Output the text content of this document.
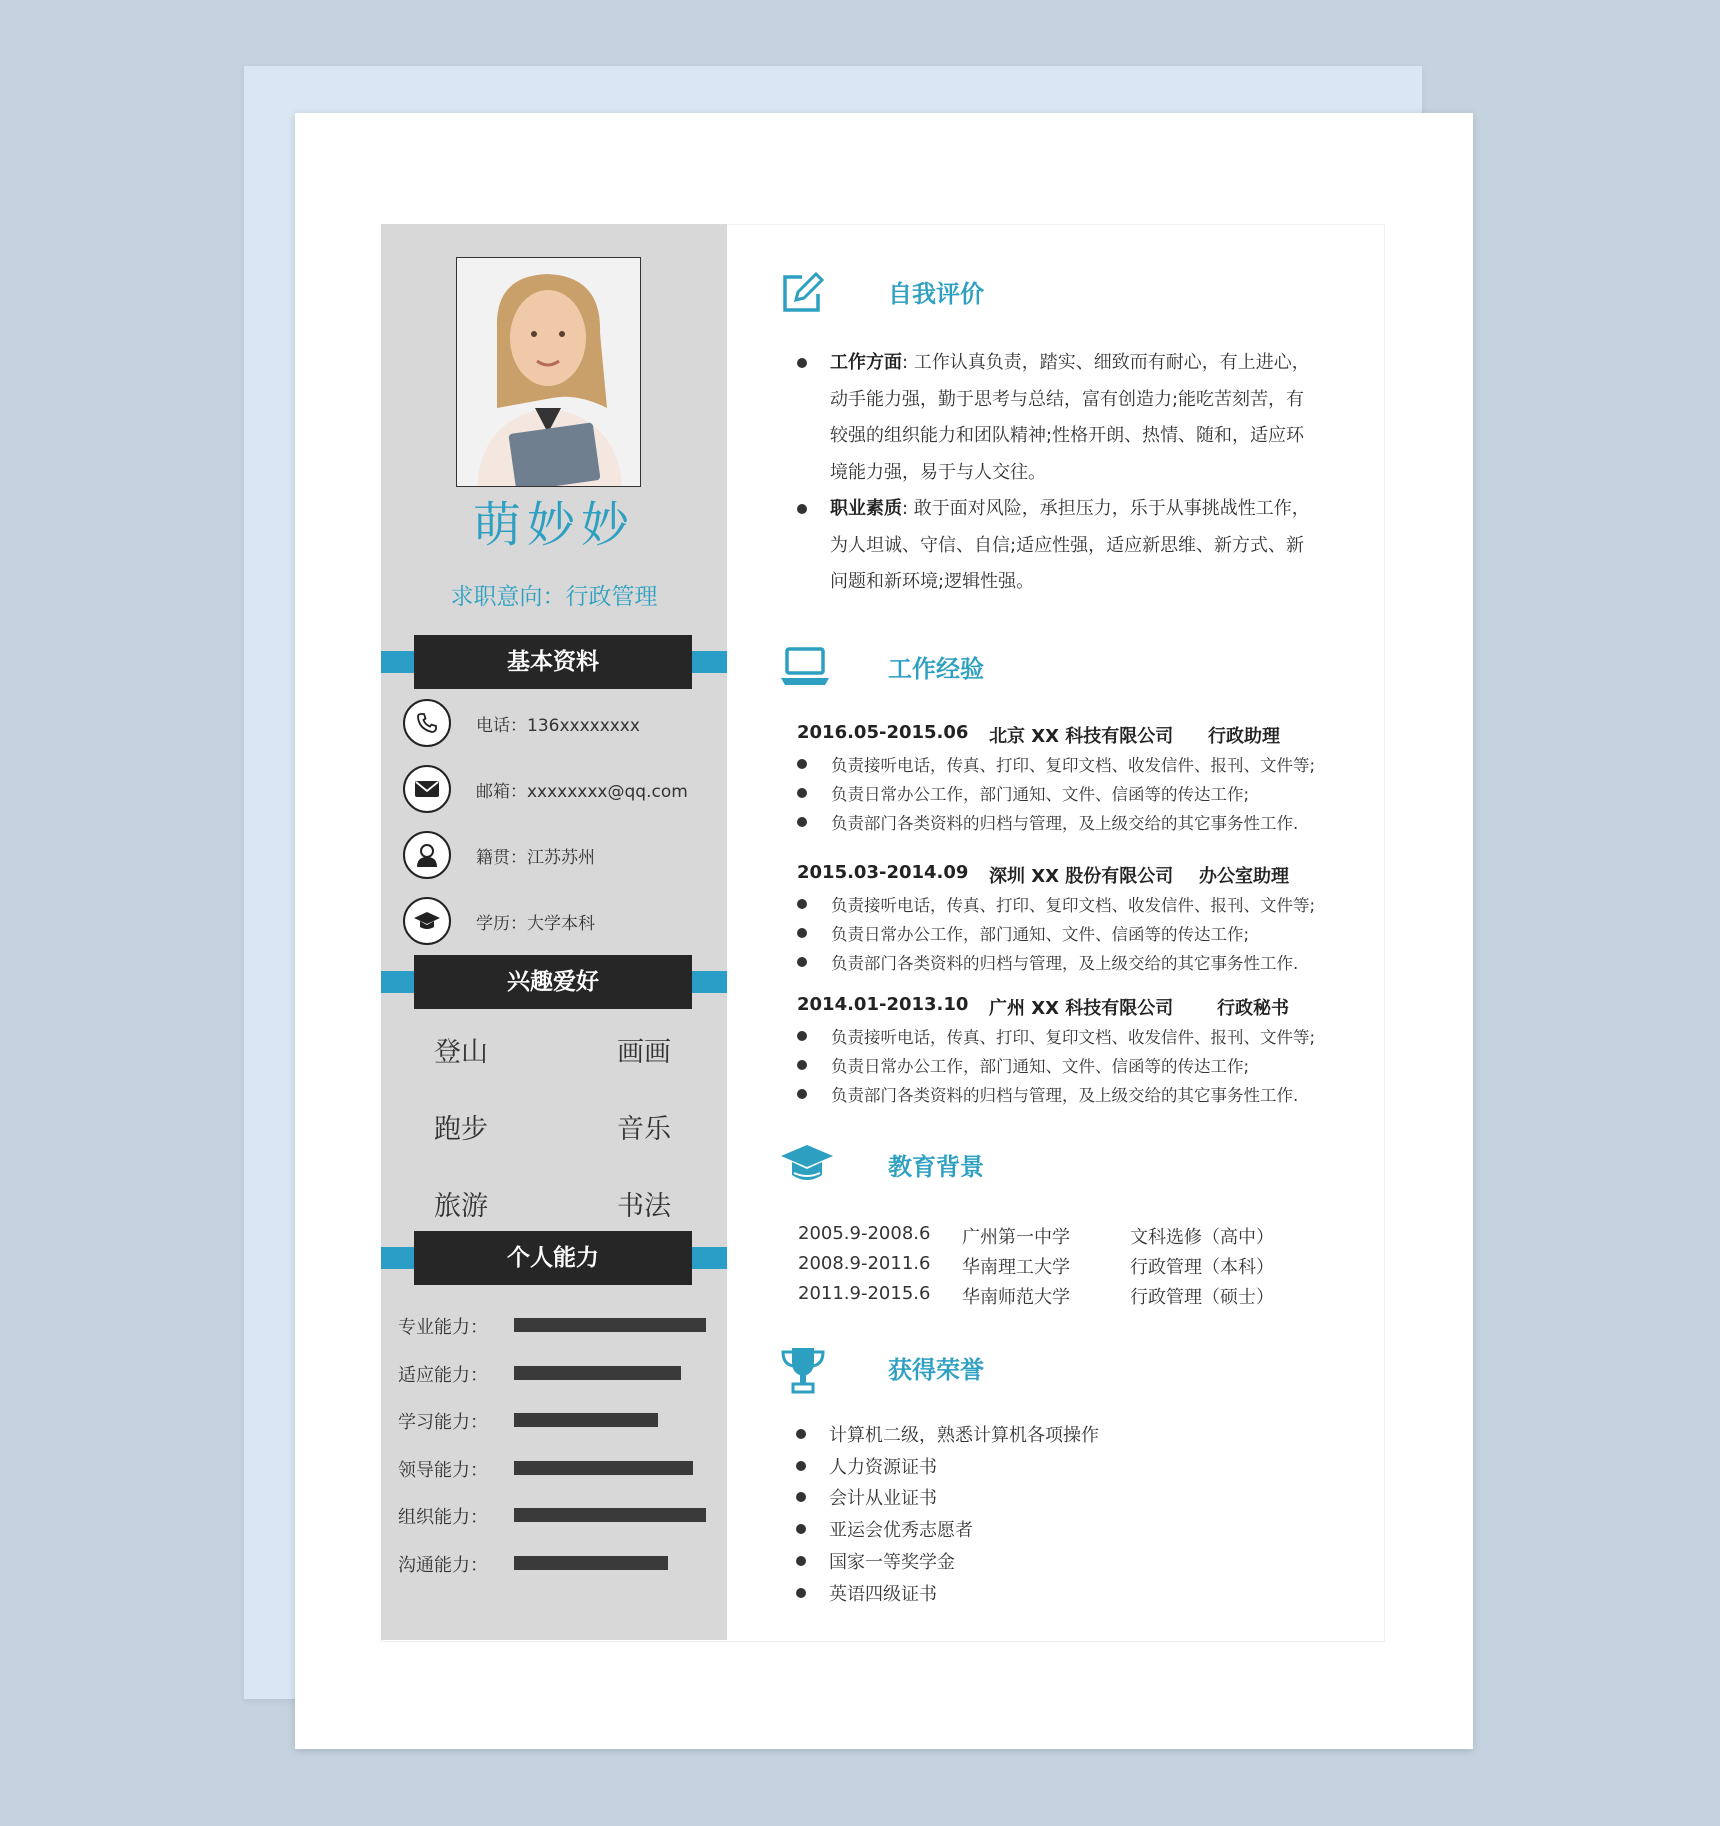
萌妙妙
求职意向：行政管理
基本资料
电话：136xxxxxxxx
邮箱：xxxxxxxx@qq.com
籍贯：江苏苏州
学历：大学本科
兴趣爱好
登山	画画
跑步	音乐
旅游	书法
个人能力
专业能力：
适应能力：
学习能力：
领导能力：
组织能力：
沟通能力：
自我评价
工作方面: 工作认真负责，踏实、细致而有耐心，有上进心，动手能力强，勤于思考与总结，富有创造力;能吃苦刻苦，有较强的组织能力和团队精神;性格开朗、热情、随和，适应环境能力强，易于与人交往。
职业素质: 敢于面对风险，承担压力，乐于从事挑战性工作，为人坦诚、守信、自信;适应性强，适应新思维、新方式、新问题和新环境;逻辑性强。
工作经验
2016.05-2015.06 北京 XX 科技有限公司 行政助理
负责接听电话，传真、打印、复印文档、收发信件、报刊、文件等;
负责日常办公工作，部门通知、文件、信函等的传达工作;
负责部门各类资料的归档与管理，及上级交给的其它事务性工作.
2015.03-2014.09 深圳 XX 股份有限公司 办公室助理
负责接听电话，传真、打印、复印文档、收发信件、报刊、文件等;
负责日常办公工作，部门通知、文件、信函等的传达工作;
负责部门各类资料的归档与管理，及上级交给的其它事务性工作.
2014.01-2013.10 广州 XX 科技有限公司 行政秘书
负责接听电话，传真、打印、复印文档、收发信件、报刊、文件等;
负责日常办公工作，部门通知、文件、信函等的传达工作;
负责部门各类资料的归档与管理，及上级交给的其它事务性工作.
教育背景
2005.9-2008.6 广州第一中学	文科选修（高中）
2008.9-2011.6 华南理工大学	行政管理（本科）
2011.9-2015.6 华南师范大学	行政管理（硕士）
获得荣誉
计算机二级，熟悉计算机各项操作
人力资源证书
会计从业证书
亚运会优秀志愿者
国家一等奖学金
英语四级证书
